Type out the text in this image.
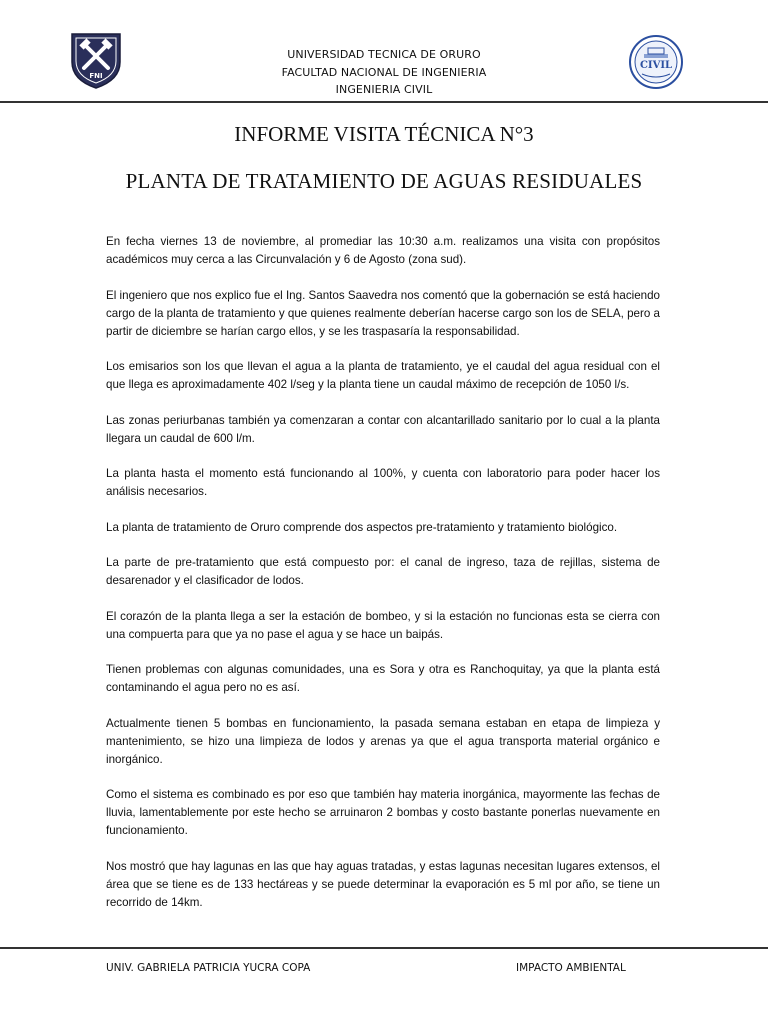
FNI
UNIVERSIDAD TECNICA DE ORURO
FACULTAD NACIONAL DE INGENIERIA
INGENIERIA CIVIL
CIVIL
INFORME VISITA TÉCNICA N°3
PLANTA DE TRATAMIENTO DE AGUAS RESIDUALES

En fecha viernes 13 de noviembre, al promediar las 10:30 a.m. realizamos una visita con propósitos académicos muy cerca a las Circunvalación y 6 de Agosto (zona sud).

El ingeniero que nos explico fue el Ing. Santos Saavedra nos comentó que la gobernación se está haciendo cargo de la planta de tratamiento y que quienes realmente deberían hacerse cargo son los de SELA, pero a partir de diciembre se harían cargo ellos, y se les traspasaría la responsabilidad.

Los emisarios son los que llevan el agua a la planta de tratamiento, ye el caudal del agua residual con el que llega es aproximadamente 402 l/seg y la planta tiene un caudal máximo de recepción de 1050 l/s.

Las zonas periurbanas también ya comenzaran a contar con alcantarillado sanitario por lo cual a la planta llegara un caudal de 600 l/m.

La planta hasta el momento está funcionando al 100%, y cuenta con laboratorio para poder hacer los análisis necesarios.

La planta de tratamiento de Oruro comprende dos aspectos pre-tratamiento y tratamiento biológico.

La parte de pre-tratamiento que está compuesto por: el canal de ingreso, taza de rejillas, sistema de desarenador y el clasificador de lodos.

El corazón de la planta llega a ser la estación de bombeo, y si la estación no funcionas esta se cierra con una compuerta para que ya no pase el agua y se hace un baipás.

Tienen problemas con algunas comunidades, una es Sora y otra es Ranchoquitay, ya que la planta está contaminando el agua pero no es así.

Actualmente tienen 5 bombas en funcionamiento, la pasada semana estaban en etapa de limpieza y mantenimiento, se hizo una limpieza de lodos y arenas ya que el agua transporta material orgánico e inorgánico.

Como el sistema es combinado es por eso que también hay materia inorgánica, mayormente las fechas de lluvia, lamentablemente por este hecho se arruinaron 2 bombas y costo bastante ponerlas nuevamente en funcionamiento.

Nos mostró que hay lagunas en las que hay aguas tratadas, y estas lagunas necesitan lugares extensos, el área que se tiene es de 133 hectáreas y se puede determinar la evaporación es 5 ml por año, se tiene un recorrido de 14km.

UNIV. GABRIELA PATRICIA YUCRA COPA	IMPACTO AMBIENTAL
